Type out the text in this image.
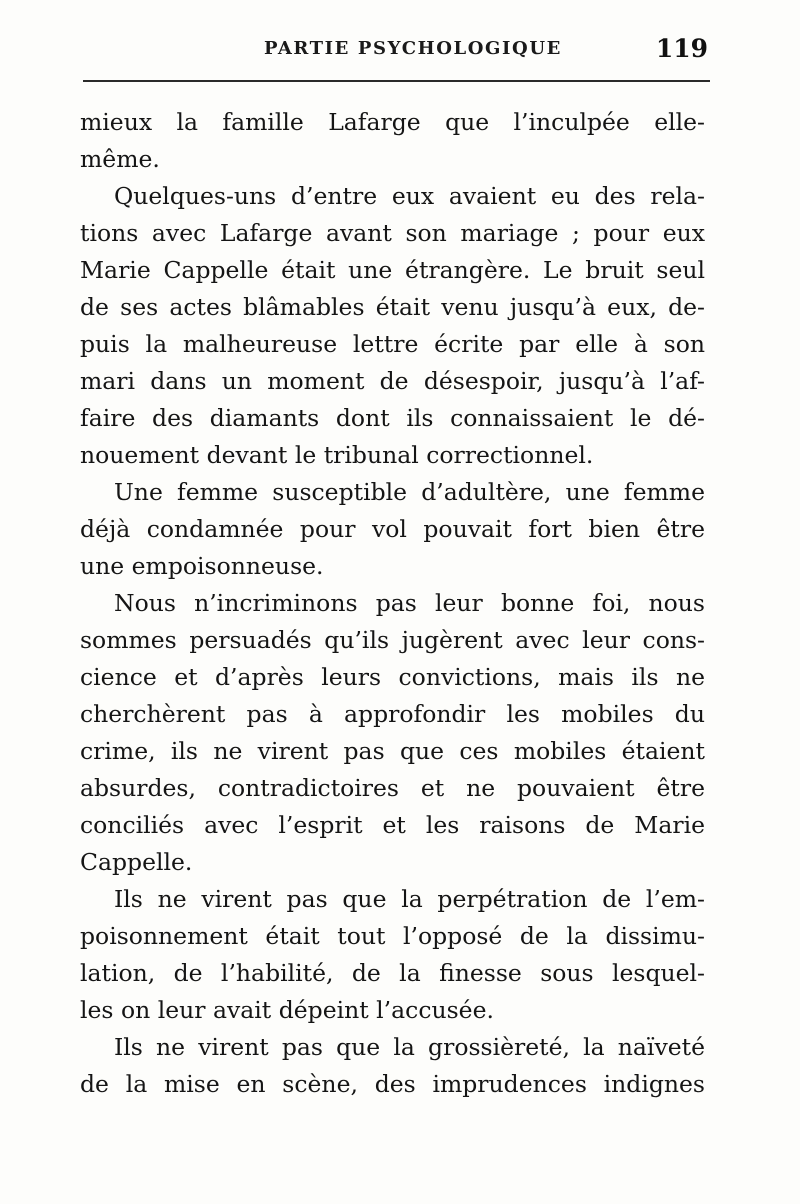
PARTIE PSYCHOLOGIQUE	119

mieux la famille Lafarge que l’inculpée elle-

même.

Quelques-uns d’entre eux avaient eu des rela-

tions avec Lafarge avant son mariage ; pour eux

Marie Cappelle était une étrangère. Le bruit seul

de ses actes blâmables était venu jusqu’à eux, de-

puis la malheureuse lettre écrite par elle à son

mari dans un moment de désespoir, jusqu’à l’af-

faire des diamants dont ils connaissaient le dé-

nouement devant le tribunal correctionnel.

Une femme susceptible d’adultère, une femme

déjà condamnée pour vol pouvait fort bien être

une empoisonneuse.

Nous n’incriminons pas leur bonne foi, nous

sommes persuadés qu’ils jugèrent avec leur cons-

cience et d’après leurs convictions, mais ils ne

cherchèrent pas à approfondir les mobiles du

crime, ils ne virent pas que ces mobiles étaient

absurdes, contradictoires et ne pouvaient être

conciliés avec l’esprit et les raisons de Marie

Cappelle.

Ils ne virent pas que la perpétration de l’em-

poisonnement était tout l’opposé de la dissimu-

lation, de l’habilité, de la finesse sous lesquel-

les on leur avait dépeint l’accusée.

Ils ne virent pas que la grossièreté, la naïveté

de la mise en scène, des imprudences indignes
